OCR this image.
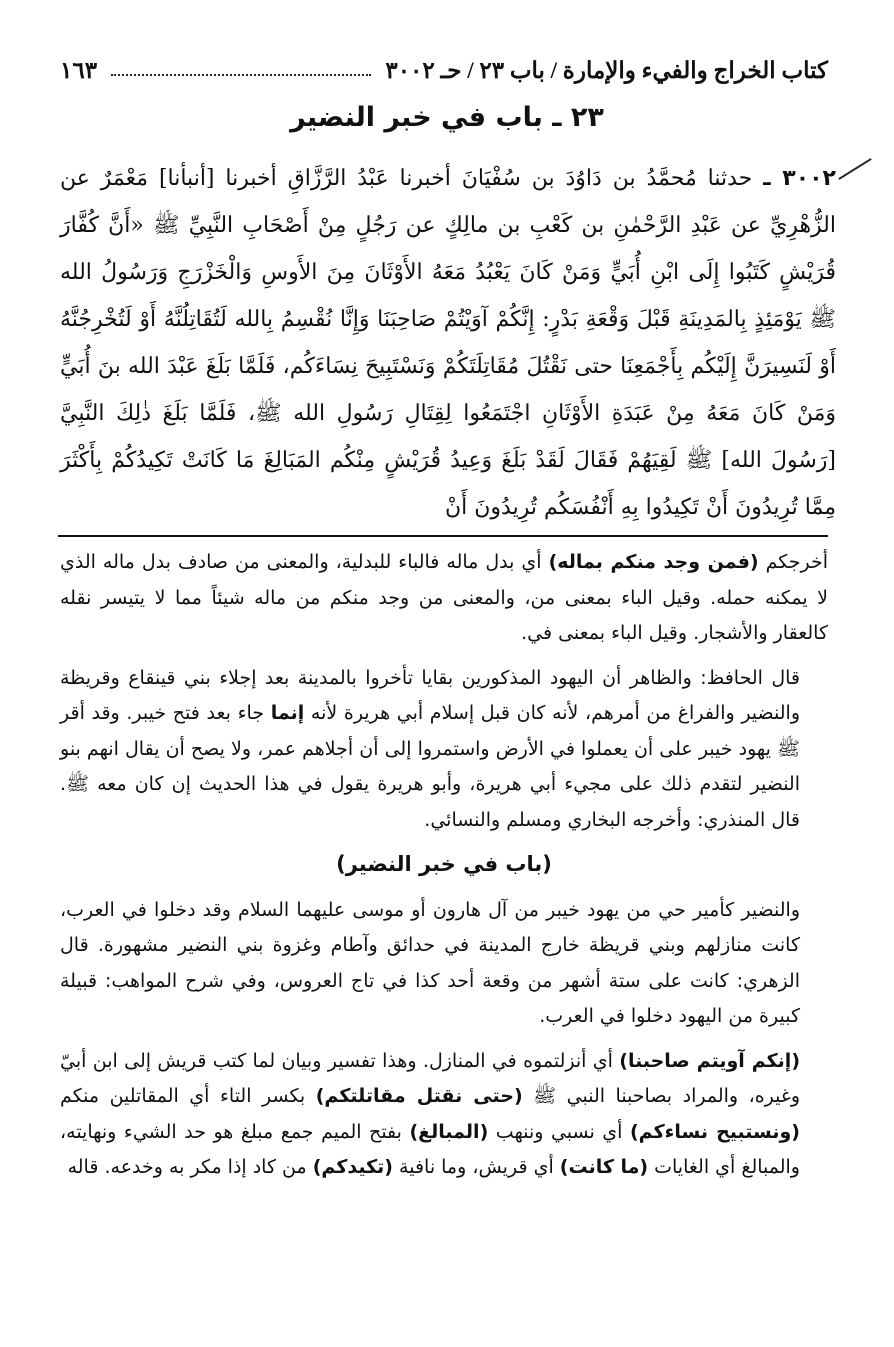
كتاب الخراج والفيء والإمارة / باب ٢٣ / حـ ٣٠٠٢
١٦٣
٢٣ ـ باب في خبر النضير

٣٠٠٢ ـ حدثنا مُحمَّدُ بن دَاوُدَ بن سُفْيَانَ أخبرنا عَبْدُ الرَّزَّاقِ أخبرنا [أنبأنا] مَعْمَرٌ عن الزُّهْرِيِّ عن عَبْدِ الرَّحْمٰنِ بن كَعْبِ بن مالِكٍ عن رَجُلٍ مِنْ أَصْحَابِ النَّبِيِّ ﷺ «أَنَّ كُفَّارَ قُرَيْشٍ كَتَبُوا إِلَى ابْنِ أُبَيٍّ وَمَنْ كَانَ يَعْبُدُ مَعَهُ الأَوْثَانَ مِنَ الأَوسِ وَالْخَزْرَجِ وَرَسُولُ الله ﷺ يَوْمَئِذٍ بِالمَدِينَةِ قَبْلَ وَقْعَةِ بَدْرٍ: إِنَّكُمْ آوَيْتُمْ صَاحِبَنَا وَإِنَّا نُقْسِمُ بِالله لَتُقَاتِلُنَّهُ أَوْ لَتُخْرِجُنَّهُ أَوْ لَنَسِيرَنَّ إِلَيْكُم بِأَجْمَعِنَا حتى نَقْتُلَ مُقَاتِلَتَكُمْ وَنَسْتَبِيحَ نِسَاءَكُم، فَلَمَّا بَلَغَ عَبْدَ الله بنَ أُبَيٍّ وَمَنْ كَانَ مَعَهُ مِنْ عَبَدَةِ الأَوْثَانِ اجْتَمَعُوا لِقِتَالِ رَسُولِ الله ﷺ، فَلَمَّا بَلَغَ ذٰلِكَ النَّبِيَّ [رَسُولَ الله] ﷺ لَقِيَهُمْ فَقَالَ لَقَدْ بَلَغَ وَعِيدُ قُرَيْشٍ مِنْكُم المَبَالِغَ مَا كَانَتْ تَكِيدُكُمْ بِأَكْثَرَ مِمَّا تُرِيدُونَ أَنْ تَكِيدُوا بِهِ أَنْفُسَكُم تُرِيدُونَ أَنْ

أخرجكم (فمن وجد منكم بماله) أي بدل ماله فالباء للبدلية، والمعنى من صادف بدل ماله الذي لا يمكنه حمله. وقيل الباء بمعنى من، والمعنى من وجد منكم من ماله شيئاً مما لا يتيسر نقله كالعقار والأشجار. وقيل الباء بمعنى في.

قال الحافظ: والظاهر أن اليهود المذكورين بقايا تأخروا بالمدينة بعد إجلاء بني قينقاع وقريظة والنضير والفراغ من أمرهم، لأنه كان قبل إسلام أبي هريرة لأنه إنما جاء بعد فتح خيبر. وقد أقر ﷺ يهود خيبر على أن يعملوا في الأرض واستمروا إلى أن أجلاهم عمر، ولا يصح أن يقال انهم بنو النضير لتقدم ذلك على مجيء أبي هريرة، وأبو هريرة يقول في هذا الحديث إن كان معه ﷺ. قال المنذري: وأخرجه البخاري ومسلم والنسائي.

(باب في خبر النضير)

والنضير كأمير حي من يهود خيبر من آل هارون أو موسى عليهما السلام وقد دخلوا في العرب، كانت منازلهم وبني قريظة خارج المدينة في حدائق وآطام وغزوة بني النضير مشهورة. قال الزهري: كانت على ستة أشهر من وقعة أحد كذا في تاج العروس، وفي شرح المواهب: قبيلة كبيرة من اليهود دخلوا في العرب.

(إنكم آويتم صاحبنا) أي أنزلتموه في المنازل. وهذا تفسير وبيان لما كتب قريش إلى ابن أبيّ وغيره، والمراد بصاحبنا النبي ﷺ (حتى نقتل مقاتلتكم) بكسر التاء أي المقاتلين منكم (ونستبيح نساءكم) أي نسبي وننهب (المبالغ) بفتح الميم جمع مبلغ هو حد الشيء ونهايته، والمبالغ أي الغايات (ما كانت) أي قريش، وما نافية (تكيدكم) من كاد إذا مكر به وخدعه. قاله
